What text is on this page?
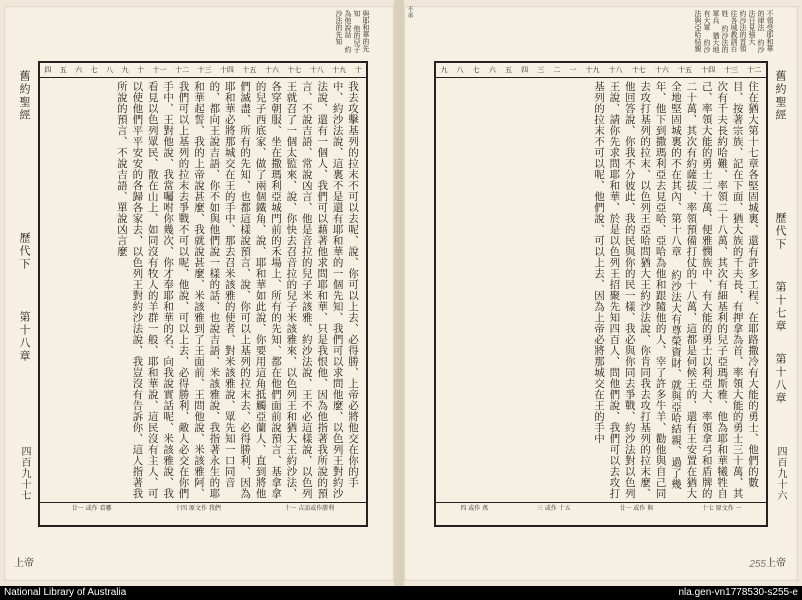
與耶和華的先知 他的兒子為他說話 約沙法的先知
舊約聖經歷代下第十八章
四百九十七
上帝
十
十九
十八
十七
十六
十五
十四
十三
十二
十一
十
九
八
七
六
五
四
我去攻擊基列的拉末不可以去呢、說、你可以上去、必得勝、上帝必將他交在你的手中、約沙法說、這裏不是還有耶和華的一個先知、我們可以求問他麼、以色列王對約沙法說、還有一個人、我們可以藉著他求問耶和華、只是我恨他、因為他指著我所說的預言、不說吉語、常說凶言、他是音拉的兒子米該雅、約沙法說、王不必這樣說、以色列王就召了一個太監來、說、你快去召音拉的兒子米該雅來、以色列王和猶大王約沙法、各穿朝服、坐在撒瑪利亞城門前的禾場上、所有的先知、都在他們面前說預言、基拿拿的兒子西底家、做了兩個鐵角、說、耶和華如此說、你要用這角抵觸亞蘭人、直到將他們滅盡、所有的先知、也都這樣說預言、說、你可以上基列的拉末去、必得勝利、因為耶和華必將那城交在王的手中、那去召米該雅的使者、對米該雅說、眾先知一口同音的、都向王說吉語、你不如與他們說一樣的話、也說吉語、米該雅說、我指著永生的耶和華起誓、我的上帝說甚麼、我就說甚麼、米該雅到了王面前、王問他說、米該雅阿、我們可以上基列的拉末去爭戰不可以呢、他說、可以上去、必得勝利、敵人必交在你們手中、王對他說、我當囑咐你幾次、你才奉耶和華的名、向我說實話呢、米該雅說、我看見以色列眾民、散在山上、如同沒有牧人的羊群一般、耶和華說、這民沒有主人、可以使他們平平安安的各歸各家去、以色列王對約沙法說、我豈沒有告訴你、這人指著我所說的預言、不說吉語、單說凶言麼
十一 吉語或作勝利
十四 原文作 我們
廿一 或作 看哪
不承	不領受耶和華的律法 約沙法日見強大 約沙法的首領往各城教訓百姓 約沙法的軍兵 猶大地有大軍 約沙法與亞哈結親
舊約聖經歷代下第十七章第十八章
四百九十六
上帝
十二
十三
十四
十五
十六
十七
十八
十九
一
二
三
四
五
六
七
八
九
住在猶大第十七章各堅固城裏、還有許多工程、在耶路撒冷有大能的勇士、他們的數目、按著宗族、記在下面、猶大族的千夫長、有押拿為首、率領大能的勇士三十萬、其次有千夫長約哈難、率領二十八萬、其次有細基利的兒子亞瑪斯雅、他為耶和華犧牲自己、率領大能的勇士二十萬、便雅憫族中、有大能的勇士以利亞大、率領拿弓和盾牌的二十萬、其次有約薩拔、率領預備打仗的十八萬、這都是伺候王的、還有王安置在猶大全地堅固城裏的不在其內、第十八章 約沙法大有尊榮資財、就與亞哈結親、過了幾年、他下到撒瑪利亞去見亞哈、亞哈為他和跟隨他的人、宰了許多牛羊、勸他與自己同去攻打基列的拉末、以色列王亞哈問猶大王約沙法說、你肯同我去攻打基列的拉末麼、他回答說、你我不分彼此、我的民與你的民一樣、我必與你同去爭戰、約沙法對以色列王說、請你先求問耶和華、於是以色列王招聚先知四百人、問他們說、我們可以去攻打基列的拉末不可以呢、他們說、可以上去、因為上帝必將那城交在王的手中
十七 原文作 一
廿一 或作 與
三 或作 十五
四 或作 萬
255
National Library of Australia	nla.gen-vn1778530-s255-e
